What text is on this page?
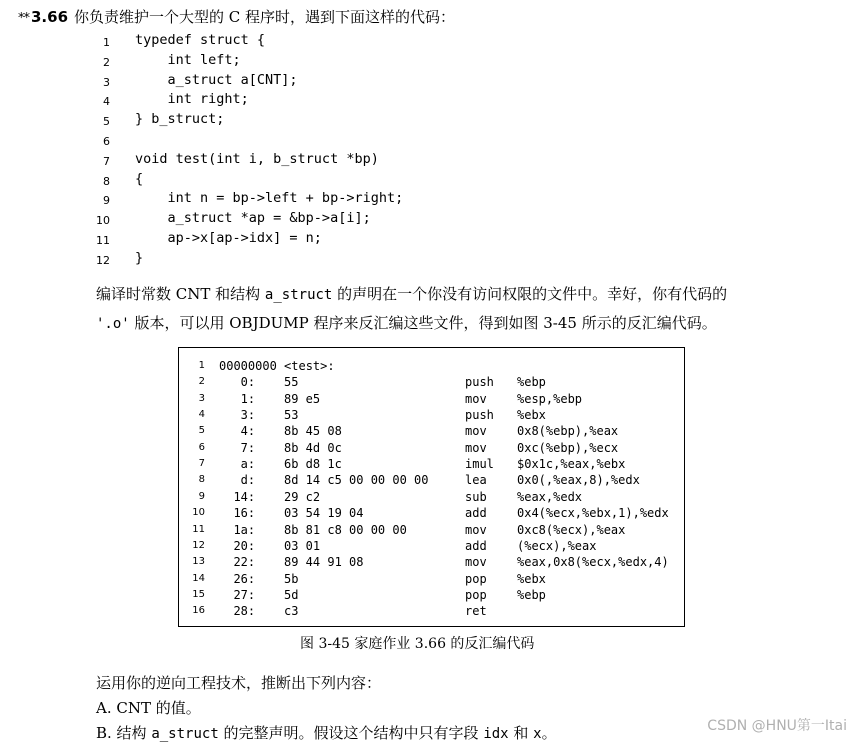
** 3.66 你负责维护一个大型的 C 程序时，遇到下面这样的代码：
1 typedef struct {
2 int left;
3 a_struct a[CNT];
4 int right;
5 } b_struct;
6
7 void test(int i, b_struct *bp)
8 {
9 int n = bp->left + bp->right;
10 a_struct *ap = &bp->a[i];
11 ap->x[ap->idx] = n;
12 }
编译时常数 CNT 和结构 a_struct 的声明在一个你没有访问权限的文件中。幸好，你有代码的
'.o' 版本，可以用 OBJDUMP 程序来反汇编这些文件，得到如图 3-45 所示的反汇编代码。
1 00000000 <test>:
2 0: 55	push %ebp
3 1: 89 e5	mov	%esp,%ebp
4 3: 53	push %ebx
5 4: 8b 45 08	mov	0x8(%ebp),%eax
6 7: 8b 4d 0c	mov	0xc(%ebp),%ecx
7 a: 6b d8 1c	imul $0x1c,%eax,%ebx
8 d: 8d 14 c5 00 00 00 00	lea	0x0(,%eax,8),%edx
9 14: 29 c2	sub	%eax,%edx
10 16: 03 54 19 04	add	0x4(%ecx,%ebx,1),%edx
11 1a: 8b 81 c8 00 00 00	mov	0xc8(%ecx),%eax
12 20: 03 01	add	(%ecx),%eax
13 22: 89 44 91 08	mov	%eax,0x8(%ecx,%edx,4)
14 26: 5b	pop	%ebx
15 27: 5d	pop	%ebp
16 28: c3	ret
图 3-45 家庭作业 3.66 的反汇编代码
运用你的逆向工程技术，推断出下列内容：
A. CNT 的值。
B. 结构 a_struct 的完整声明。假设这个结构中只有字段 idx 和 x。	CSDN @HNU第一Itai
